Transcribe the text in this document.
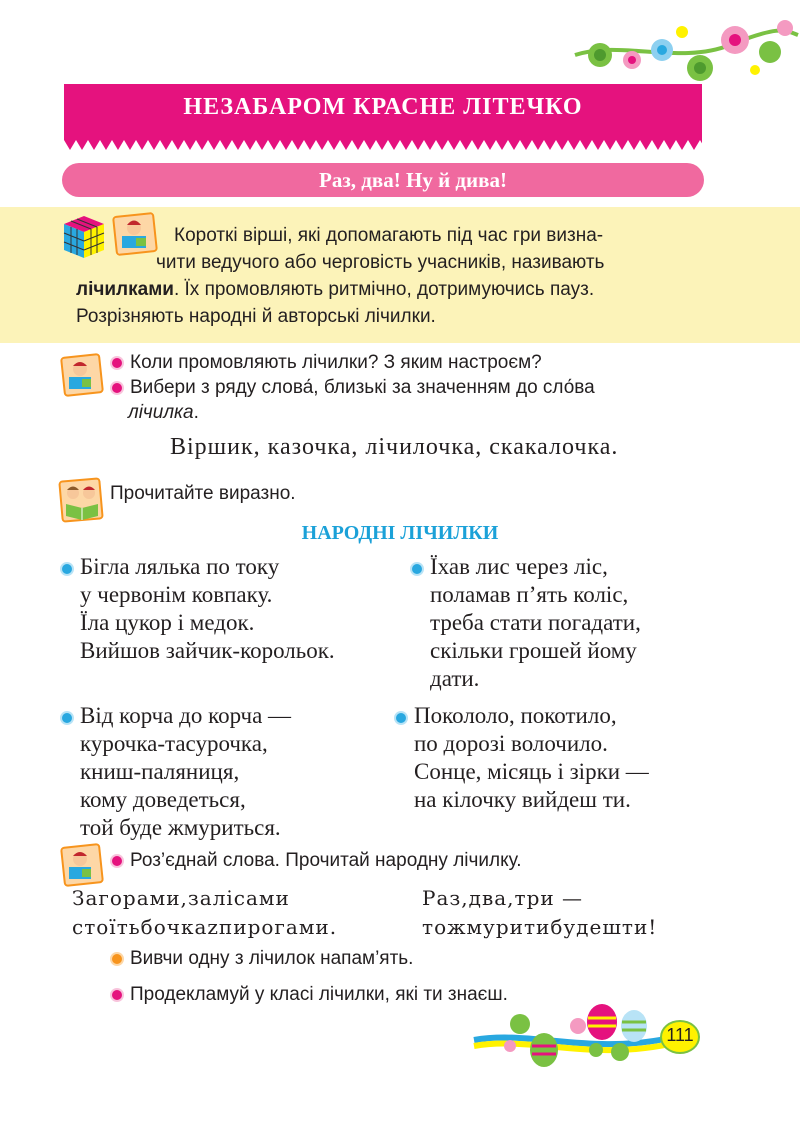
НЕЗАБАРОМ КРАСНЕ ЛІТЕЧКО
Раз, два! Ну й дива!
Короткі вірші, які допомагають під час гри визна-
чити ведучого або черговість учасників, називають
лічилками. Їх промовляють ритмічно, дотримуючись пауз.
Розрізняють народні й авторські лічилки.
Коли промовляють лічилки? З яким настроєм?
Вибери з ряду слова́, близькі за значенням до сло́ва
лічилка.
Віршик, казочка, лічилочка, скакалочка.
Прочитайте виразно.
НАРОДНІ ЛІЧИЛКИ
Бігла лялька по току
у червонім ковпаку.
Їла цукор і медок.
Вийшов зайчик-корольок.
Їхав лис через ліс,
поламав п’ять коліс,
треба стати погадати,
скільки грошей йому
дати.
Від корча до корча —
курочка-тасурочка,
книш-паляниця,
кому доведеться,
той буде жмуриться.
Покололо, покотило,
по дорозі волочило.
Сонце, місяць і зірки —
на кілочку вийдеш ти.
Роз’єднай слова. Прочитай народну лічилку.
Загорами,залісами
стоїтьбочкazпирогами.
Раз,два,три —
тожмуритибудешти!
Вивчи одну з лічилок напам’ять.
Продекламуй у класі лічилки, які ти знаєш.
111
